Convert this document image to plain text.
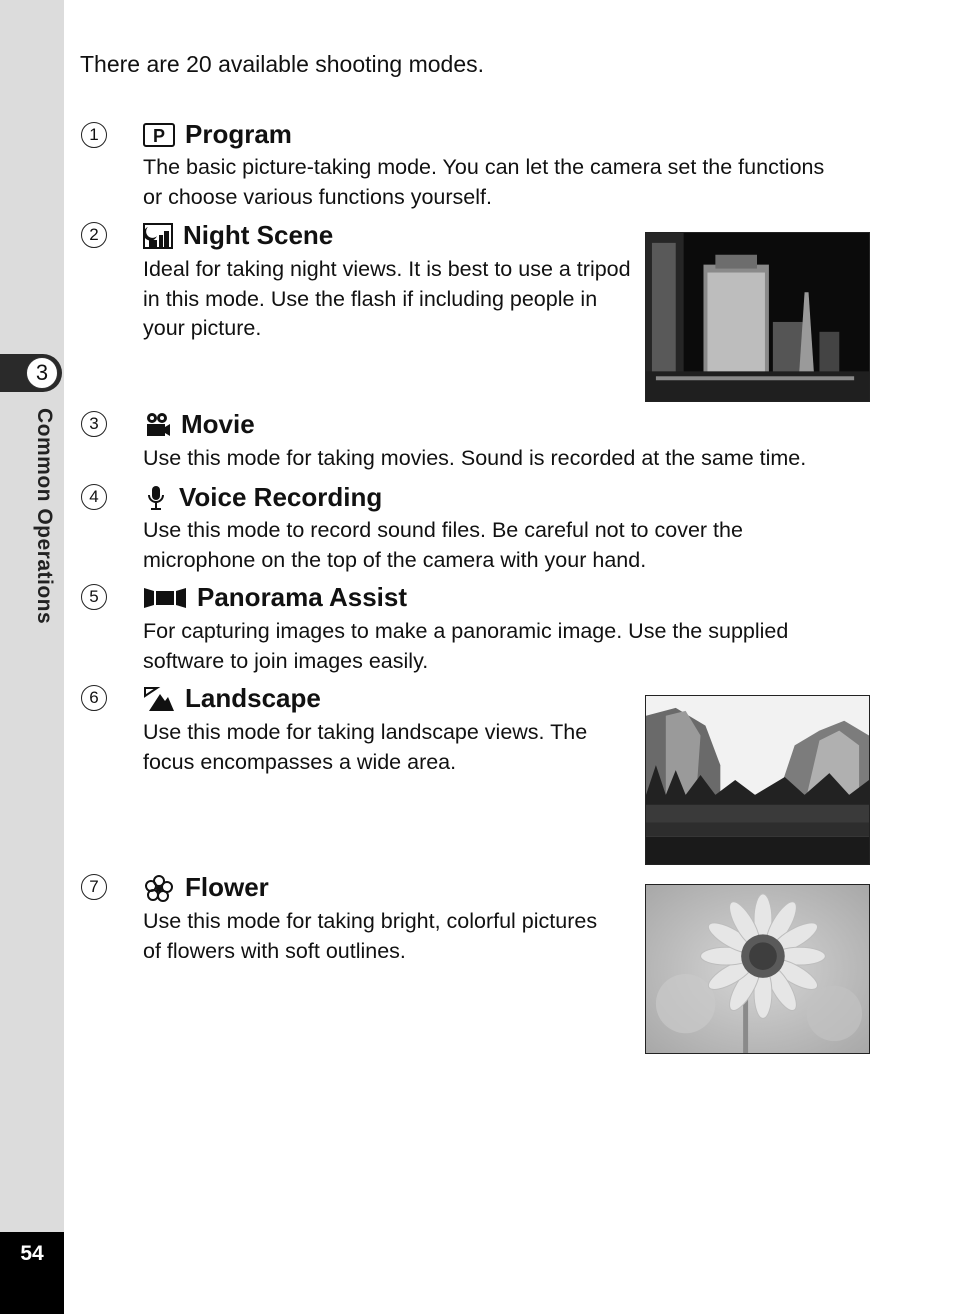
3
Common Operations
54
There are 20 available shooting modes.
1	P Program
The basic picture-taking mode. You can let the camera set the functions or choose various functions yourself.
2	Night Scene
Ideal for taking night views. It is best to use a tripod in this mode. Use the flash if including people in your picture.
3	Movie
Use this mode for taking movies. Sound is recorded at the same time.
4	Voice Recording
Use this mode to record sound files. Be careful not to cover the microphone on the top of the camera with your hand.
5	Panorama Assist
For capturing images to make a panoramic image. Use the supplied software to join images easily.
6	Landscape
Use this mode for taking landscape views. The focus encompasses a wide area.
7	Flower
Use this mode for taking bright, colorful pictures of flowers with soft outlines.
